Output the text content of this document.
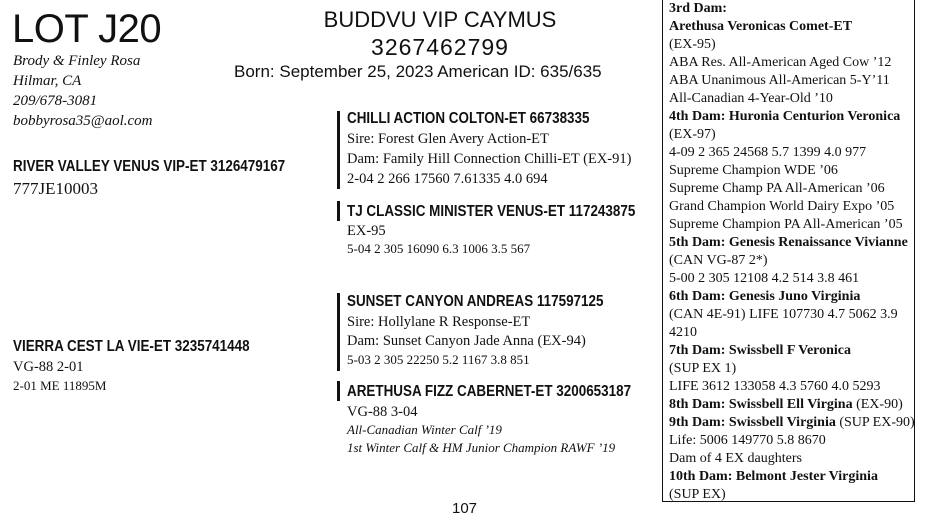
LOT J20
Brody & Finley Rosa
Hilmar, CA
209/678-3081
bobbyrosa35@aol.com
BUDDVU VIP CAYMUS
3267462799
Born: September 25, 2023 American ID: 635/635
RIVER VALLEY VENUS VIP-ET 3126479167
777JE10003
CHILLI ACTION COLTON-ET 66738335
Sire: Forest Glen Avery Action-ET
Dam: Family Hill Connection Chilli-ET (EX-91)
2-04 2 266 17560 7.61335 4.0 694
TJ CLASSIC MINISTER VENUS-ET 117243875
EX-95
5-04 2 305 16090 6.3 1006 3.5 567
VIERRA CEST LA VIE-ET 3235741448
VG-88 2-01
2-01 ME 11895M
SUNSET CANYON ANDREAS 117597125
Sire: Hollylane R Response-ET
Dam: Sunset Canyon Jade Anna (EX-94)
5-03 2 305 22250 5.2 1167 3.8 851
ARETHUSA FIZZ CABERNET-ET 3200653187
VG-88 3-04
All-Canadian Winter Calf ’19
1st Winter Calf & HM Junior Champion RAWF ’19
3rd Dam:
Arethusa Veronicas Comet-ET
(EX-95)
ABA Res. All-American Aged Cow ’12
ABA Unanimous All-American 5-Y’11
All-Canadian 4-Year-Old ’10
4th Dam: Huronia Centurion Veronica
(EX-97)
4-09 2 365 24568 5.7 1399 4.0 977
Supreme Champion WDE ’06
Supreme Champ PA All-American ’06
Grand Champion World Dairy Expo ’05
Supreme Champion PA All-American ’05
5th Dam: Genesis Renaissance Vivianne
(CAN VG-87 2*)
5-00 2 305 12108 4.2 514 3.8 461
6th Dam: Genesis Juno Virginia
(CAN 4E-91) LIFE 107730 4.7 5062 3.9
4210
7th Dam: Swissbell F Veronica
(SUP EX 1)
LIFE 3612 133058 4.3 5760 4.0 5293
8th Dam: Swissbell Ell Virgina (EX-90)
9th Dam: Swissbell Virginia (SUP EX-90)
Life: 5006 149770 5.8 8670
Dam of 4 EX daughters
10th Dam: Belmont Jester Virginia
(SUP EX)
107
